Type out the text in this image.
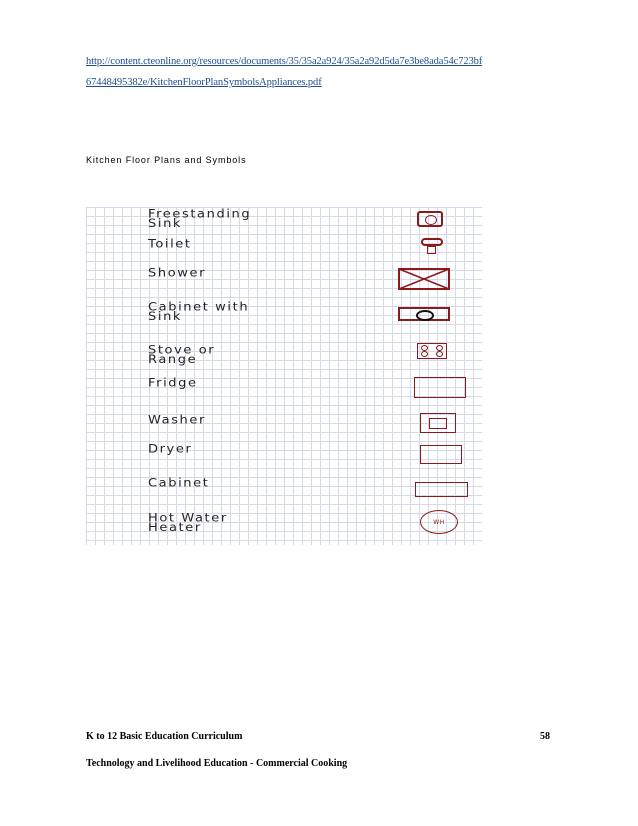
http://content.cteonline.org/resources/documents/35/35a2a924/35a2a92d5da7e3be8ada54c723bf
67448495382e/KitchenFloorPlanSymbolsAppliances.pdf
Kitchen Floor Plans and Symbols
Freestanding
Sink
Toilet
Shower
Cabinet with
Sink
Stove or
Range
Fridge
Washer
Dryer
Cabinet
Hot Water
Heater	WH
K to 12 Basic Education Curriculum	58
Technology and Livelihood Education - Commercial Cooking
